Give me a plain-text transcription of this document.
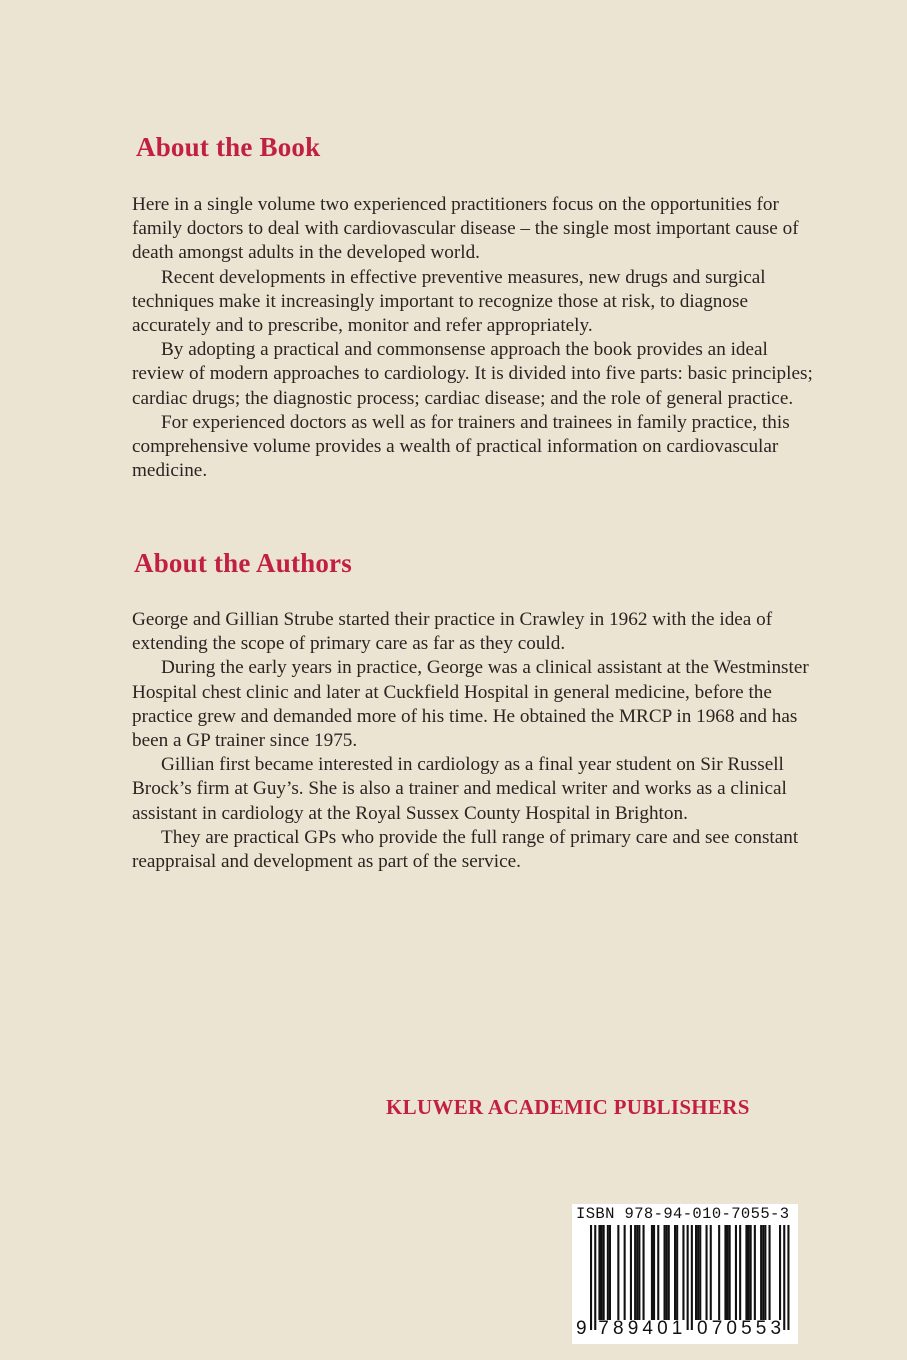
About the Book

Here in a single volume two experienced practitioners focus on the opportunities for family doctors to deal with cardiovascular disease – the single most important cause of death amongst adults in the developed world.

Recent developments in effective preventive measures, new drugs and surgical techniques make it increasingly important to recognize those at risk, to diagnose accurately and to prescribe, monitor and refer appropriately.

By adopting a practical and commonsense approach the book provides an ideal review of modern approaches to cardiology. It is divided into five parts: basic principles; cardiac drugs; the diagnostic process; cardiac disease; and the role of general practice.

For experienced doctors as well as for trainers and trainees in family practice, this comprehensive volume provides a wealth of practical information on cardiovascular medicine.

About the Authors

George and Gillian Strube started their practice in Crawley in 1962 with the idea of extending the scope of primary care as far as they could.

During the early years in practice, George was a clinical assistant at the Westminster Hospital chest clinic and later at Cuckfield Hospital in general medicine, before the practice grew and demanded more of his time. He obtained the MRCP in 1968 and has been a GP trainer since 1975.

Gillian first became interested in cardiology as a final year student on Sir Russell Brock’s firm at Guy’s. She is also a trainer and medical writer and works as a clinical assistant in cardiology at the Royal Sussex County Hospital in Brighton.

They are practical GPs who provide the full range of primary care and see constant reappraisal and development as part of the service.

KLUWER ACADEMIC PUBLISHERS
ISBN 978-94-010-7055-3
9 7 8 9 4 0 1 0 7 0 5 5 3
